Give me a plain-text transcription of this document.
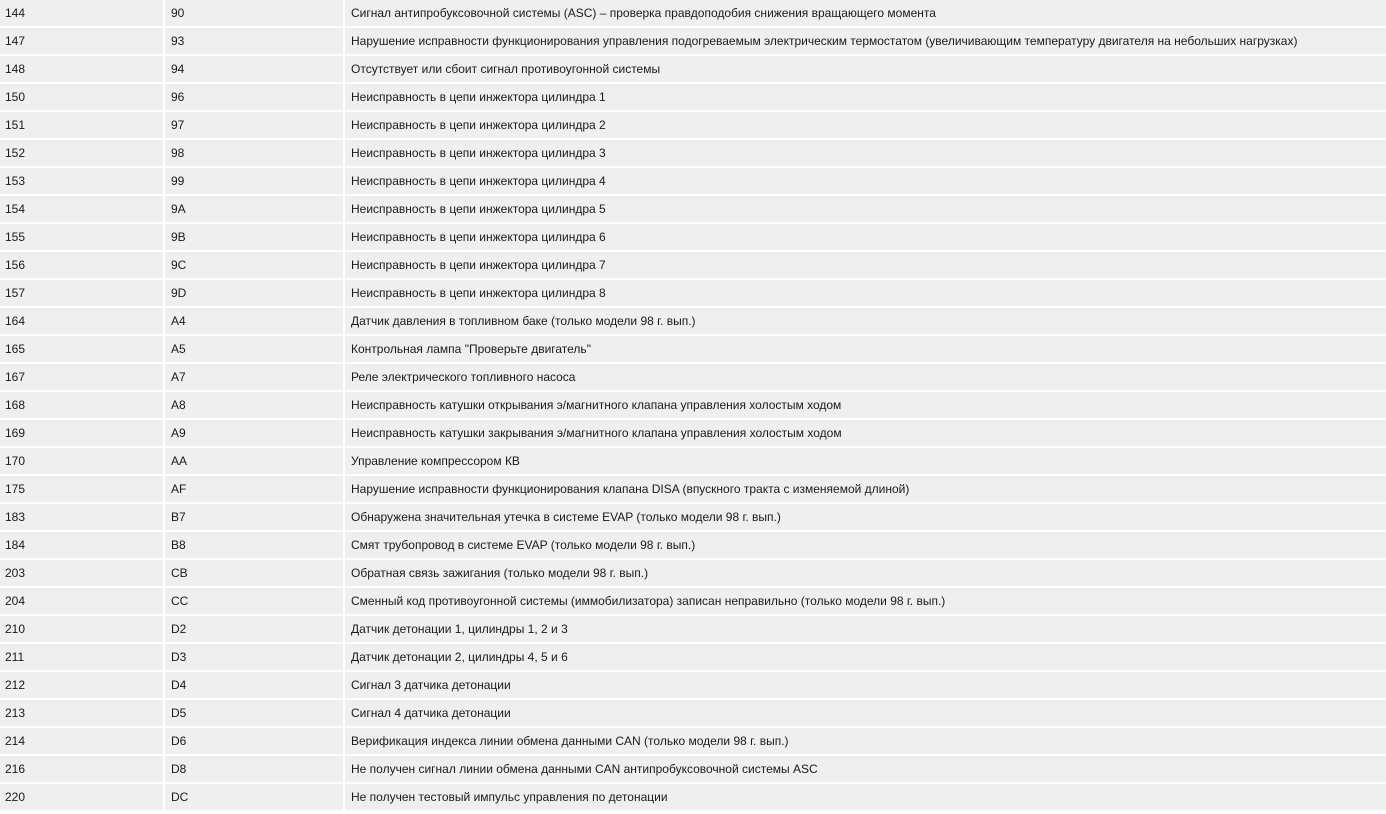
144	90	Сигнал антипробуксовочной системы (ASC) – проверка правдоподобия снижения вращающего момента
147	93	Нарушение исправности функционирования управления подогреваемым электрическим термостатом (увеличивающим температуру двигателя на небольших нагрузках)
148	94	Отсутствует или сбоит сигнал противоугонной системы
150	96	Неисправность в цепи инжектора цилиндра 1
151	97	Неисправность в цепи инжектора цилиндра 2
152	98	Неисправность в цепи инжектора цилиндра 3
153	99	Неисправность в цепи инжектора цилиндра 4
154	9A	Неисправность в цепи инжектора цилиндра 5
155	9B	Неисправность в цепи инжектора цилиндра 6
156	9C	Неисправность в цепи инжектора цилиндра 7
157	9D	Неисправность в цепи инжектора цилиндра 8
164	A4	Датчик давления в топливном баке (только модели 98 г. вып.)
165	A5	Контрольная лампа "Проверьте двигатель"
167	A7	Реле электрического топливного насоса
168	A8	Неисправность катушки открывания э/магнитного клапана управления холостым ходом
169	A9	Неисправность катушки закрывания э/магнитного клапана управления холостым ходом
170	AA	Управление компрессором КВ
175	AF	Нарушение исправности функционирования клапана DISA (впускного тракта с изменяемой длиной)
183	B7	Обнаружена значительная утечка в системе EVAP (только модели 98 г. вып.)
184	B8	Смят трубопровод в системе EVAP (только модели 98 г. вып.)
203	CB	Обратная связь зажигания (только модели 98 г. вып.)
204	CC	Сменный код противоугонной системы (иммобилизатора) записан неправильно (только модели 98 г. вып.)
210	D2	Датчик детонации 1, цилиндры 1, 2 и 3
211	D3	Датчик детонации 2, цилиндры 4, 5 и 6
212	D4	Сигнал 3 датчика детонации
213	D5	Сигнал 4 датчика детонации
214	D6	Верификация индекса линии обмена данными CAN (только модели 98 г. вып.)
216	D8	Не получен сигнал линии обмена данными CAN антипробуксовочной системы ASC
220	DC	Не получен тестовый импульс управления по детонации
